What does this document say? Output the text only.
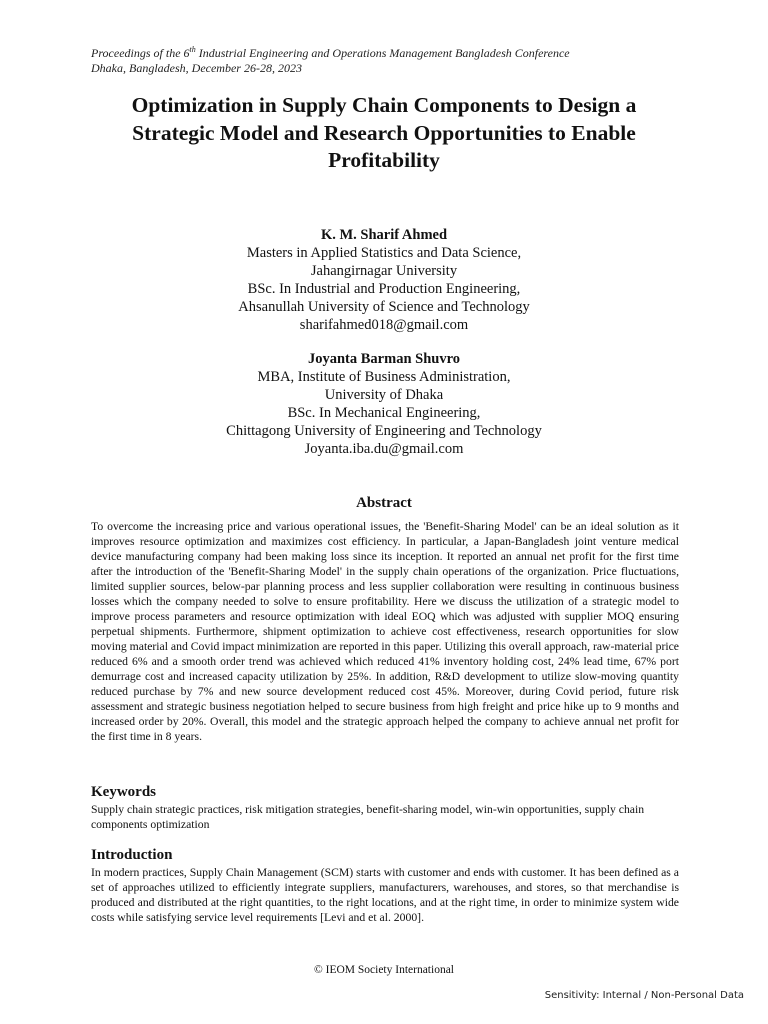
Proceedings of the 6th Industrial Engineering and Operations Management Bangladesh Conference
Dhaka, Bangladesh, December 26-28, 2023
Optimization in Supply Chain Components to Design a Strategic Model and Research Opportunities to Enable Profitability
K. M. Sharif Ahmed
Masters in Applied Statistics and Data Science,
Jahangirnagar University
BSc. In Industrial and Production Engineering,
Ahsanullah University of Science and Technology
sharifahmed018@gmail.com
Joyanta Barman Shuvro
MBA, Institute of Business Administration,
University of Dhaka
BSc. In Mechanical Engineering,
Chittagong University of Engineering and Technology
Joyanta.iba.du@gmail.com
Abstract

To overcome the increasing price and various operational issues, the 'Benefit-Sharing Model' can be an ideal solution as it improves resource optimization and maximizes cost efficiency. In particular, a Japan-Bangladesh joint venture medical device manufacturing company had been making loss since its inception. It reported an annual net profit for the first time after the introduction of the 'Benefit-Sharing Model' in the supply chain operations of the organization. Price fluctuations, limited supplier sources, below-par planning process and less supplier collaboration were resulting in continuous business losses which the company needed to solve to ensure profitability. Here we discuss the utilization of a strategic model to improve process parameters and resource optimization with ideal EOQ which was adjusted with supplier MOQ ensuring perpetual shipments. Furthermore, shipment optimization to achieve cost effectiveness, research opportunities for slow moving material and Covid impact minimization are reported in this paper. Utilizing this overall approach, raw-material price reduced 6% and a smooth order trend was achieved which reduced 41% inventory holding cost, 24% lead time, 67% port demurrage cost and increased capacity utilization by 25%. In addition, R&D development to utilize slow-moving quantity reduced purchase by 7% and new source development reduced cost 45%. Moreover, during Covid period, future risk assessment and strategic business negotiation helped to secure business from high freight and price hike up to 9 months and increased order by 20%. Overall, this model and the strategic approach helped the company to achieve annual net profit for the first time in 8 years.

Keywords

Supply chain strategic practices, risk mitigation strategies, benefit-sharing model, win-win opportunities, supply chain components optimization

Introduction

In modern practices, Supply Chain Management (SCM) starts with customer and ends with customer. It has been defined as a set of approaches utilized to efficiently integrate suppliers, manufacturers, warehouses, and stores, so that merchandise is produced and distributed at the right quantities, to the right locations, and at the right time, in order to minimize system wide costs while satisfying service level requirements [Levi and et al. 2000].

© IEOM Society International
Sensitivity: Internal / Non-Personal Data
